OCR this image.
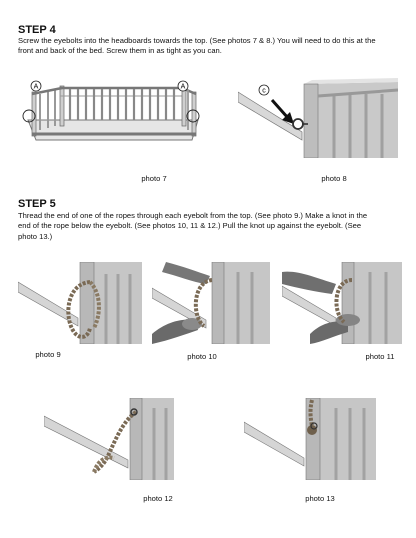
STEP 4
Screw the eyebolts into the headboards towards the top. (See photos 7 & 8.) You will need to do this at the
front and back of the bed. Screw them in as tight as you can.
A	A
photo 7
c
photo 8
STEP 5
Thread the end of one of the ropes through each eyebolt from the top. (See photo 9.) Make a knot in the
end of the rope below the eyebolt. (See photos 10, 11 & 12.) Pull the knot up against the eyebolt. (See
photo 13.)
photo 9	photo 10	photo 11
photo 12	photo 13
